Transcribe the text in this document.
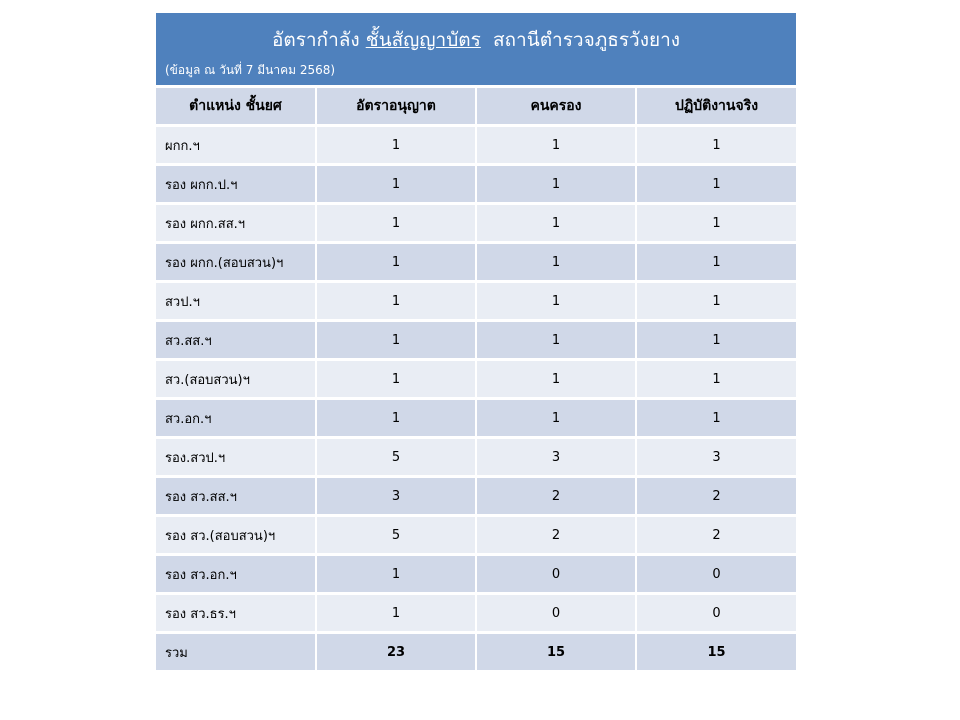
อัตรากำลัง ชั้นสัญญาบัตร สถานีตำรวจภูธรวังยาง
(ข้อมูล ณ วันที่ 7 มีนาคม 2568)
ตำแหน่ง ชั้นยศ	อัตราอนุญาต	คนครอง	ปฏิบัติงานจริง
ผกก.ฯ	1	1	1
รอง ผกก.ป.ฯ	1	1	1
รอง ผกก.สส.ฯ	1	1	1
รอง ผกก.(สอบสวน)ฯ	1	1	1
สวป.ฯ	1	1	1
สว.สส.ฯ	1	1	1
สว.(สอบสวน)ฯ	1	1	1
สว.อก.ฯ	1	1	1
รอง.สวป.ฯ	5	3	3
รอง สว.สส.ฯ	3	2	2
รอง สว.(สอบสวน)ฯ	5	2	2
รอง สว.อก.ฯ	1	0	0
รอง สว.ธร.ฯ	1	0	0
รวม	23	15	15
